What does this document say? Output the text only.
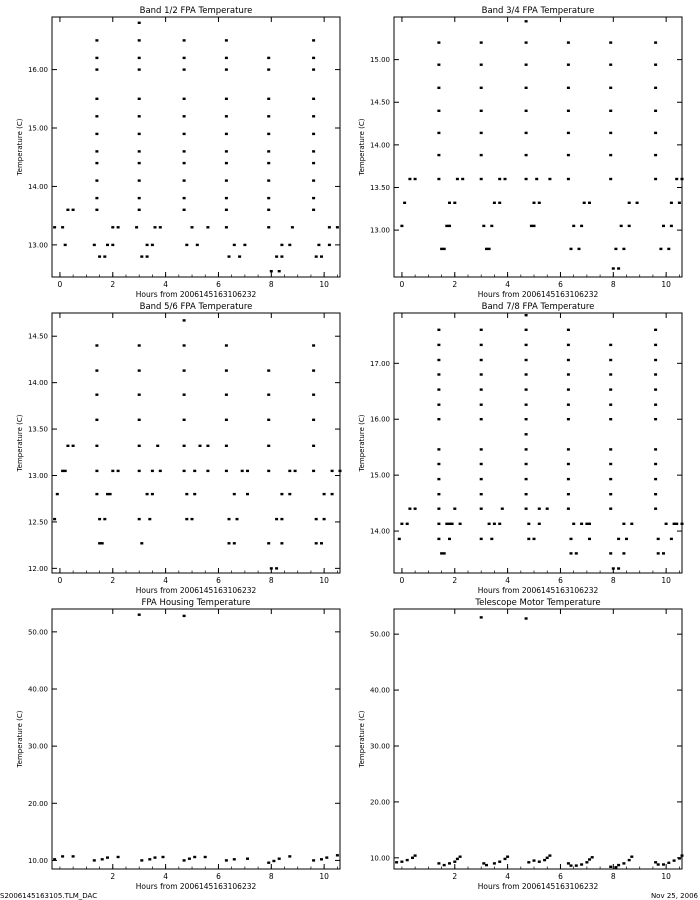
Band 1/2 FPA Temperature
Hours from 2006145163106232
Temperature (C)
0	2	4	6	8	10
13.00
14.00
15.00
16.00
Band 3/4 FPA Temperature
Hours from 2006145163106232
Temperature (C)
0	2	4	6	8	10
13.00
13.50
14.00
14.50
15.00
Band 5/6 FPA Temperature
Hours from 2006145163106232
Temperature (C)
0	2	4	6	8	10
12.00
12.50
13.00
13.50
14.00
14.50
Band 7/8 FPA Temperature
Hours from 2006145163106232
Temperature (C)
0	2	4	6	8	10
14.00
15.00
16.00
17.00
FPA Housing Temperature
Hours from 2006145163106232
Temperature (C)
2	4	6	8	10
10.00
20.00
30.00
40.00
50.00
Telescope Motor Temperature
Hours from 2006145163106232
Temperature (C)
2	4	6	8	10
10.00
20.00
30.00
40.00
50.00
S2006145163105.TLM_DAC	Nov 25, 2006
